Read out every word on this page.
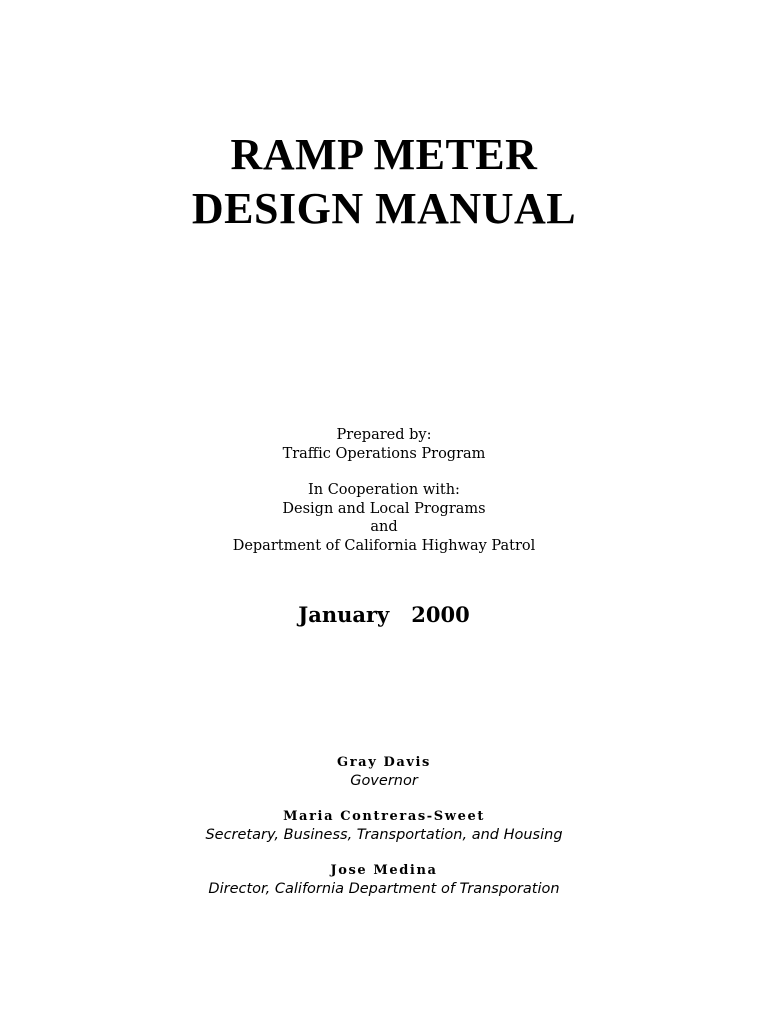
RAMP METER
DESIGN MANUAL
Prepared by:
Traffic Operations Program
In Cooperation with:
Design and Local Programs
and
Department of California Highway Patrol
January 2000
Gray Davis
Governor
Maria Contreras-Sweet
Secretary, Business, Transportation, and Housing
Jose Medina
Director, California Department of Transporation
